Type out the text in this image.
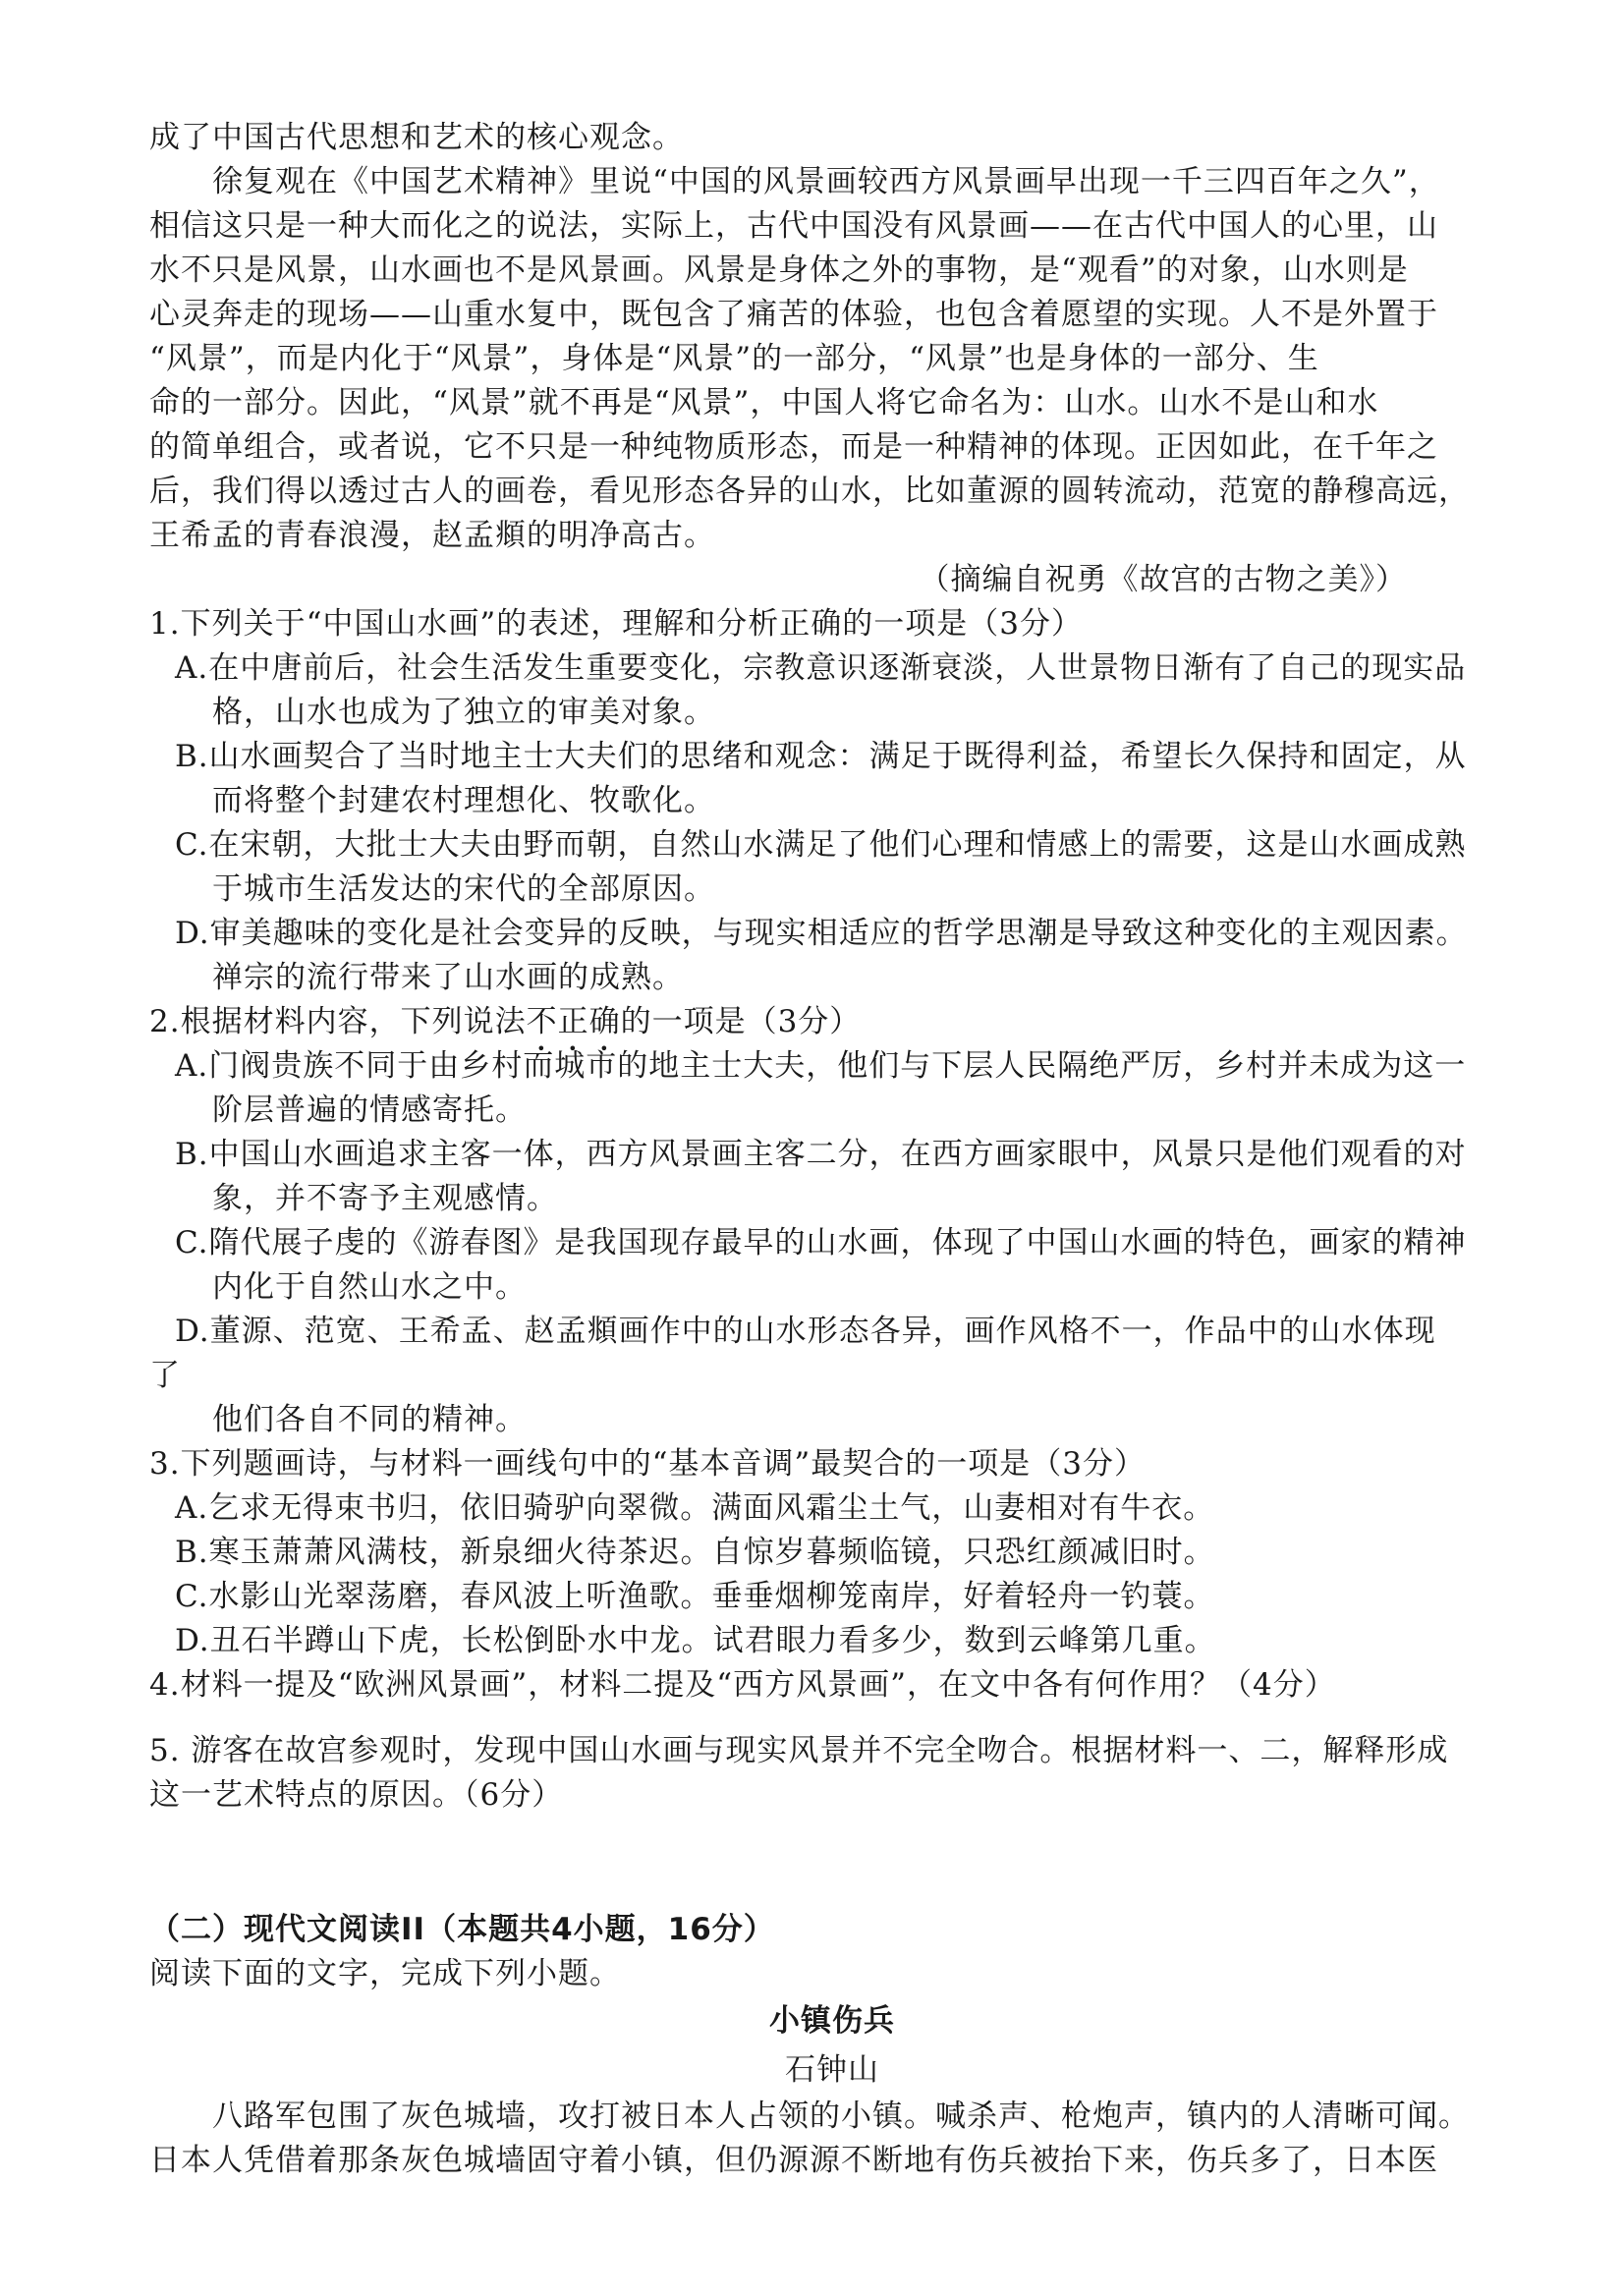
成了中国古代思想和艺术的核心观念。
徐复观在《中国艺术精神》里说“中国的风景画较西方风景画早出现一千三四百年之久”，
相信这只是一种大而化之的说法，实际上，古代中国没有风景画——在古代中国人的心里，山
水不只是风景，山水画也不是风景画。风景是身体之外的事物，是“观看”的对象，山水则是
心灵奔走的现场——山重水复中，既包含了痛苦的体验，也包含着愿望的实现。人不是外置于
“风景”，而是内化于“风景”，身体是“风景”的一部分，“风景”也是身体的一部分、生
命的一部分。因此，“风景”就不再是“风景”，中国人将它命名为：山水。山水不是山和水
的简单组合，或者说，它不只是一种纯物质形态，而是一种精神的体现。正因如此，在千年之
后，我们得以透过古人的画卷，看见形态各异的山水，比如董源的圆转流动，范宽的静穆高远，
王希孟的青春浪漫，赵孟頫的明净高古。
（摘编自祝勇《故宫的古物之美》）
1.下列关于“中国山水画”的表述，理解和分析正确的一项是（3分）
A.在中唐前后，社会生活发生重要变化，宗教意识逐渐衰淡，人世景物日渐有了自己的现实品
格，山水也成为了独立的审美对象。
B.山水画契合了当时地主士大夫们的思绪和观念：满足于既得利益，希望长久保持和固定，从
而将整个封建农村理想化、牧歌化。
C.在宋朝，大批士大夫由野而朝，自然山水满足了他们心理和情感上的需要，这是山水画成熟
于城市生活发达的宋代的全部原因。
D.审美趣味的变化是社会变异的反映，与现实相适应的哲学思潮是导致这种变化的主观因素。
禅宗的流行带来了山水画的成熟。
2.根据材料内容，下列说法不正确的一项是（3分）
A.门阀贵族不同于由乡村而城市的地主士大夫，他们与下层人民隔绝严厉，乡村并未成为这一
阶层普遍的情感寄托。
B.中国山水画追求主客一体，西方风景画主客二分，在西方画家眼中，风景只是他们观看的对
象，并不寄予主观感情。
C.隋代展子虔的《游春图》是我国现存最早的山水画，体现了中国山水画的特色，画家的精神
内化于自然山水之中。
D.董源、范宽、王希孟、赵孟頫画作中的山水形态各异，画作风格不一，作品中的山水体现
了
他们各自不同的精神。
3.下列题画诗，与材料一画线句中的“基本音调”最契合的一项是（3分）
A.乞求无得束书归，依旧骑驴向翠微。满面风霜尘土气，山妻相对有牛衣。
B.寒玉萧萧风满枝，新泉细火待茶迟。自惊岁暮频临镜，只恐红颜减旧时。
C.水影山光翠荡磨，春风波上听渔歌。垂垂烟柳笼南岸，好着轻舟一钓蓑。
D.丑石半蹲山下虎，长松倒卧水中龙。试君眼力看多少，数到云峰第几重。
4.材料一提及“欧洲风景画”，材料二提及“西方风景画”，在文中各有何作用？（4分）
5. 游客在故宫参观时，发现中国山水画与现实风景并不完全吻合。根据材料一、二，解释形成
这一艺术特点的原因。（6分）
（二）现代文阅读II（本题共4小题，16分）
阅读下面的文字，完成下列小题。
小镇伤兵
石钟山
八路军包围了灰色城墙，攻打被日本人占领的小镇。喊杀声、枪炮声，镇内的人清晰可闻。
日本人凭借着那条灰色城墙固守着小镇，但仍源源不断地有伤兵被抬下来，伤兵多了，日本医
